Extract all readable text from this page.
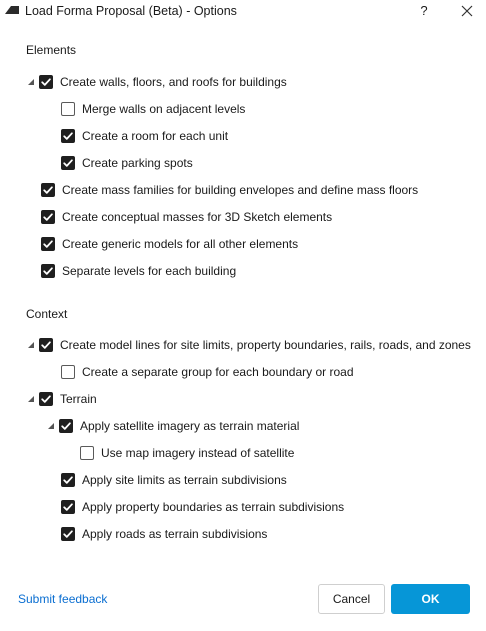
Load Forma Proposal (Beta) - Options	?
Elements
Create walls, floors, and roofs for buildings
Merge walls on adjacent levels
Create a room for each unit
Create parking spots
Create mass families for building envelopes and define mass floors
Create conceptual masses for 3D Sketch elements
Create generic models for all other elements
Separate levels for each building
Context
Create model lines for site limits, property boundaries, rails, roads, and zones
Create a separate group for each boundary or road
Terrain
Apply satellite imagery as terrain material
Use map imagery instead of satellite
Apply site limits as terrain subdivisions
Apply property boundaries as terrain subdivisions
Apply roads as terrain subdivisions
Submit feedback	Cancel	OK
